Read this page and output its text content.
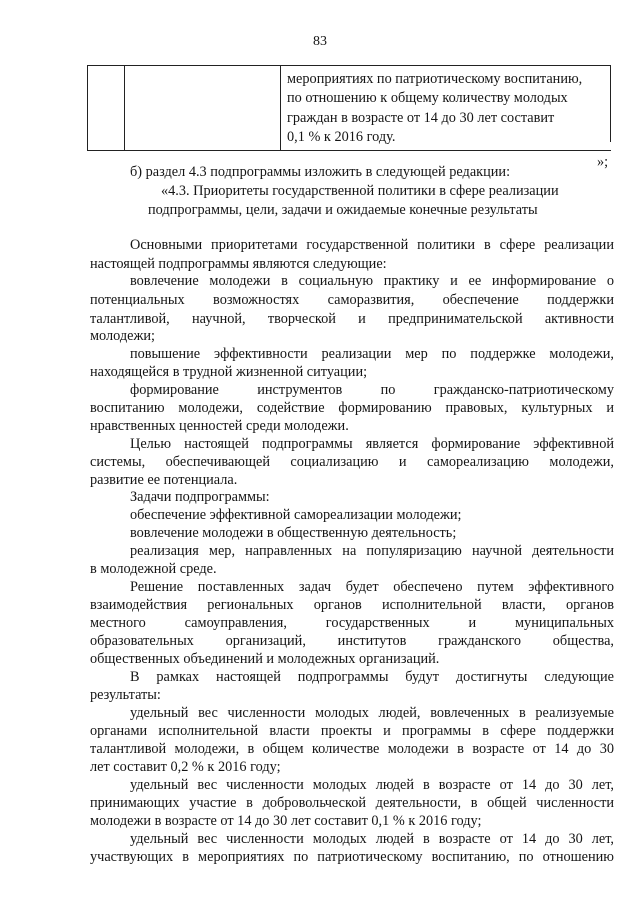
83
мероприятиях по патриотическому воспитанию,
по отношению к общему количеству молодых
граждан в возрасте от 14 до 30 лет составит
0,1 % к 2016 году.
»;
б) раздел 4.3 подпрограммы изложить в следующей редакции:
«4.3. Приоритеты государственной политики в сфере реализации
подпрограммы, цели, задачи и ожидаемые конечные результаты
Основными приоритетами государственной политики в сфере реализации
настоящей подпрограммы являются следующие:
вовлечение молодежи в социальную практику и ее информирование о
потенциальных возможностях саморазвития, обеспечение поддержки
талантливой, научной, творческой и предпринимательской активности
молодежи;
повышение эффективности реализации мер по поддержке молодежи,
находящейся в трудной жизненной ситуации;
формирование инструментов по гражданско-патриотическому
воспитанию молодежи, содействие формированию правовых, культурных и
нравственных ценностей среди молодежи.
Целью настоящей подпрограммы является формирование эффективной
системы, обеспечивающей социализацию и самореализацию молодежи,
развитие ее потенциала.
Задачи подпрограммы:
обеспечение эффективной самореализации молодежи;
вовлечение молодежи в общественную деятельность;
реализация мер, направленных на популяризацию научной деятельности
в молодежной среде.
Решение поставленных задач будет обеспечено путем эффективного
взаимодействия региональных органов исполнительной власти, органов
местного самоуправления, государственных и муниципальных
образовательных организаций, институтов гражданского общества,
общественных объединений и молодежных организаций.
В рамках настоящей подпрограммы будут достигнуты следующие
результаты:
удельный вес численности молодых людей, вовлеченных в реализуемые
органами исполнительной власти проекты и программы в сфере поддержки
талантливой молодежи, в общем количестве молодежи в возрасте от 14 до 30
лет составит 0,2 % к 2016 году;
удельный вес численности молодых людей в возрасте от 14 до 30 лет,
принимающих участие в добровольческой деятельности, в общей численности
молодежи в возрасте от 14 до 30 лет составит 0,1 % к 2016 году;
удельный вес численности молодых людей в возрасте от 14 до 30 лет,
участвующих в мероприятиях по патриотическому воспитанию, по отношению
